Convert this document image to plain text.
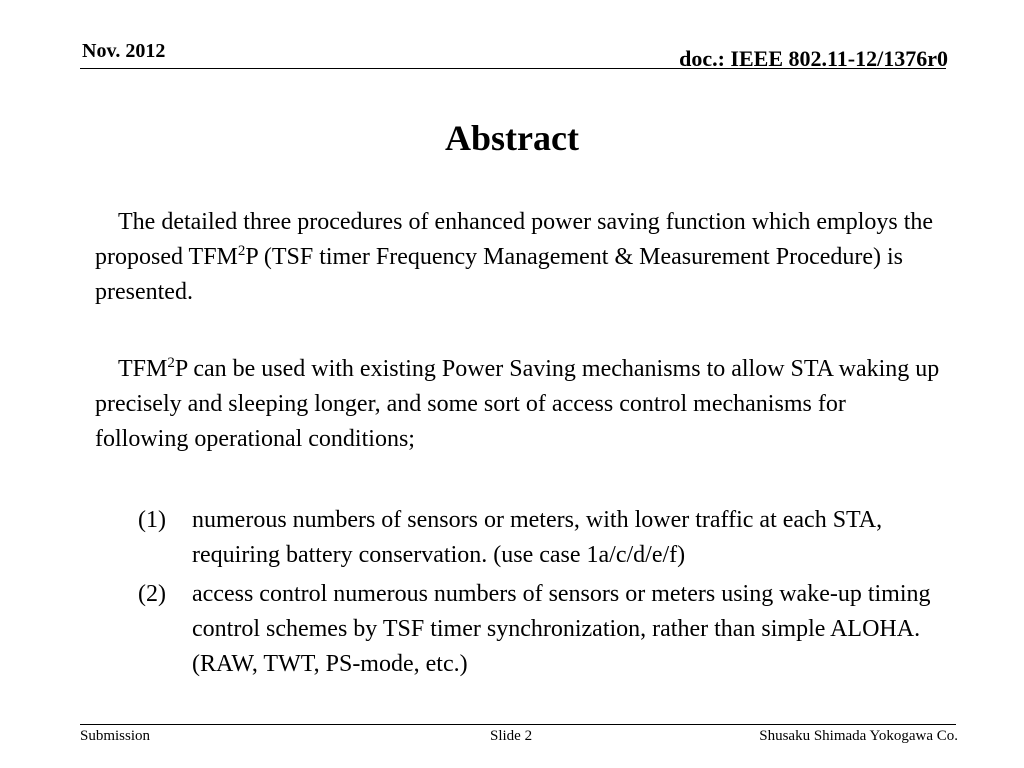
Nov. 2012	doc.: IEEE 802.11-12/1376r0
Abstract

The detailed three procedures of enhanced power saving function which employs the proposed TFM$^2$P (TSF timer Frequency Management & Measurement Procedure) is presented.

TFM$^2$P can be used with existing Power Saving mechanisms to allow STA waking up precisely and sleeping longer, and some sort of access control mechanisms for following operational conditions;

(1)	numerous numbers of sensors or meters, with lower traffic at each STA, requiring battery conservation. (use case 1a/c/d/e/f)
(2)	access control numerous numbers of sensors or meters using wake-up timing control schemes by TSF timer synchronization, rather than simple ALOHA. (RAW, TWT, PS-mode, etc.)
Submission	Slide 2	Shusaku Shimada Yokogawa Co.
